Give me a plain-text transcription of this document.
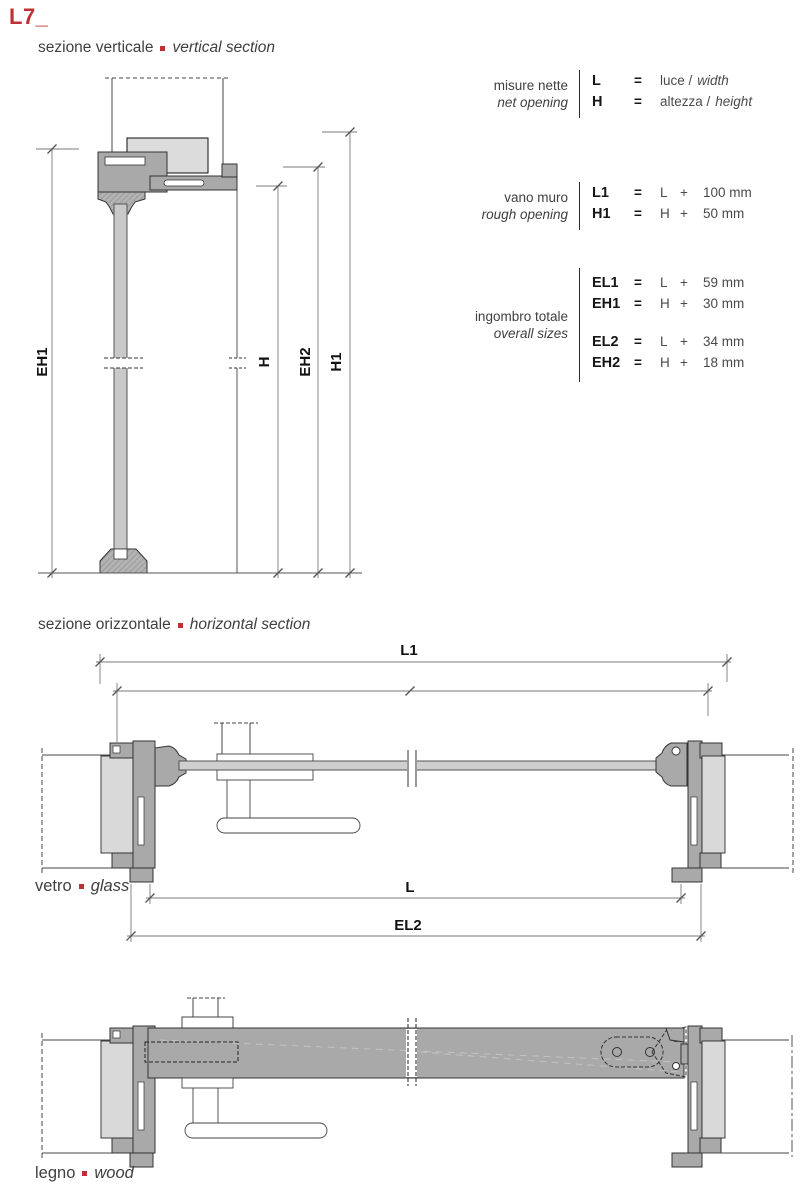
L7_
sezione verticale vertical section
EH1	H EH2 H1
misure nette
net opening
L	=	luce / width
H	=	altezza / height
vano muro
rough opening
L1	=	L + 100 mm
H1	=	H + 50 mm
ingombro totale
overall sizes
EL1	=	L + 59 mm
EH1	=	H + 30 mm
EL2	=	L + 34 mm
EH2	=	H + 18 mm
sezione orizzontale horizontal section
L1
L
EL2
vetro glass
legno wood
